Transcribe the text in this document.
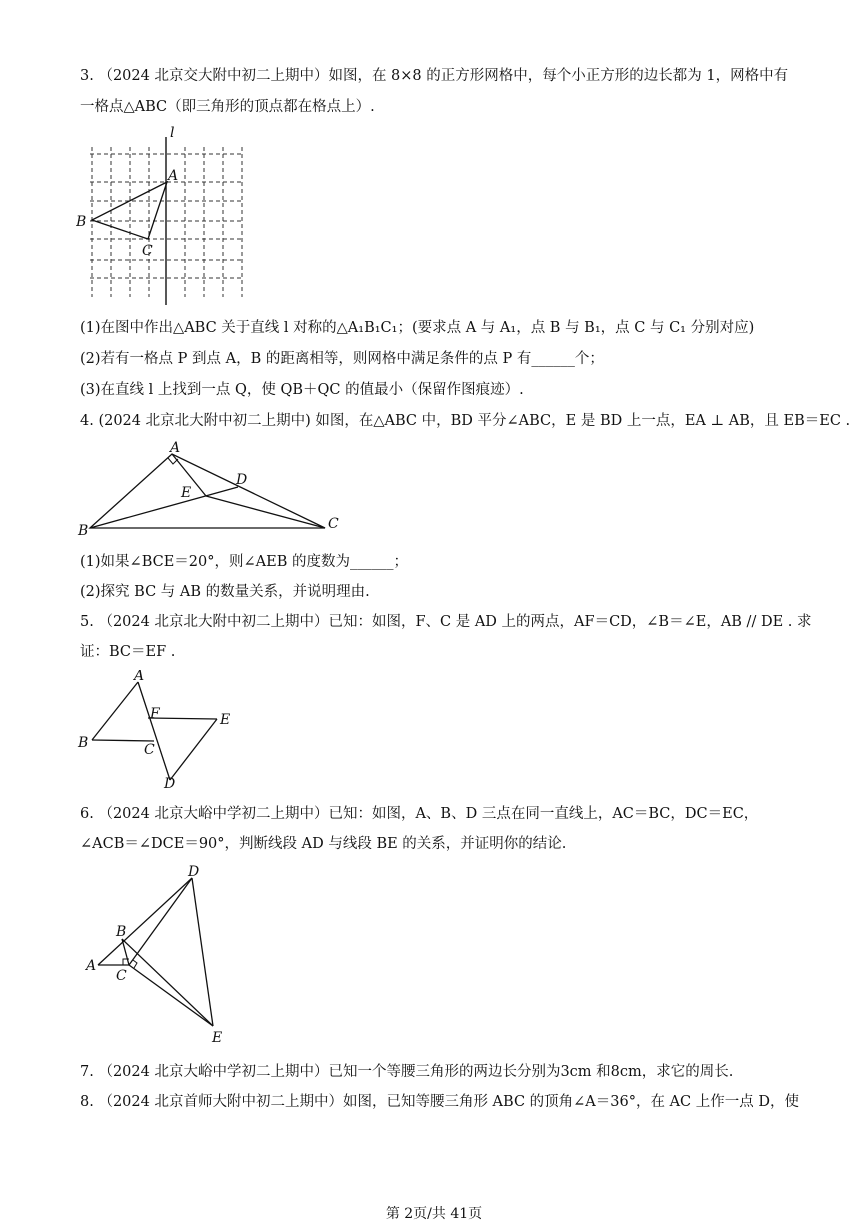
3. （2024 北京交大附中初二上期中）如图，在 8×8 的正方形网格中，每个小正方形的边长都为 1，网格中有
一格点△ABC（即三角形的顶点都在格点上）.
l
A
B
C
(1)在图中作出△ABC 关于直线 l 对称的△A₁B₁C₁；(要求点 A 与 A₁，点 B 与 B₁，点 C 与 C₁ 分别对应)
(2)若有一格点 P 到点 A，B 的距离相等，则网格中满足条件的点 P 有______个；
(3)在直线 l 上找到一点 Q，使 QB＋QC 的值最小（保留作图痕迹）.
4. (2024 北京北大附中初二上期中) 如图，在△ABC 中，BD 平分∠ABC，E 是 BD 上一点，EA ⊥ AB，且 EB＝EC .
A
B	C
D
E
(1)如果∠BCE＝20°，则∠AEB 的度数为______；
(2)探究 BC 与 AB 的数量关系，并说明理由.
5. （2024 北京北大附中初二上期中）已知：如图，F、C 是 AD 上的两点，AF＝CD，∠B＝∠E，AB // DE . 求
证：BC＝EF .
A
B	C
D
E
F
6. （2024 北京大峪中学初二上期中）已知：如图，A、B、D 三点在同一直线上，AC＝BC，DC＝EC，
∠ACB＝∠DCE＝90°，判断线段 AD 与线段 BE 的关系，并证明你的结论.
A
B
C
D
E
7. （2024 北京大峪中学初二上期中）已知一个等腰三角形的两边长分别为3cm 和8cm，求它的周长.
8. （2024 北京首师大附中初二上期中）如图，已知等腰三角形 ABC 的顶角∠A＝36°，在 AC 上作一点 D，使
第 2页/共 41页
